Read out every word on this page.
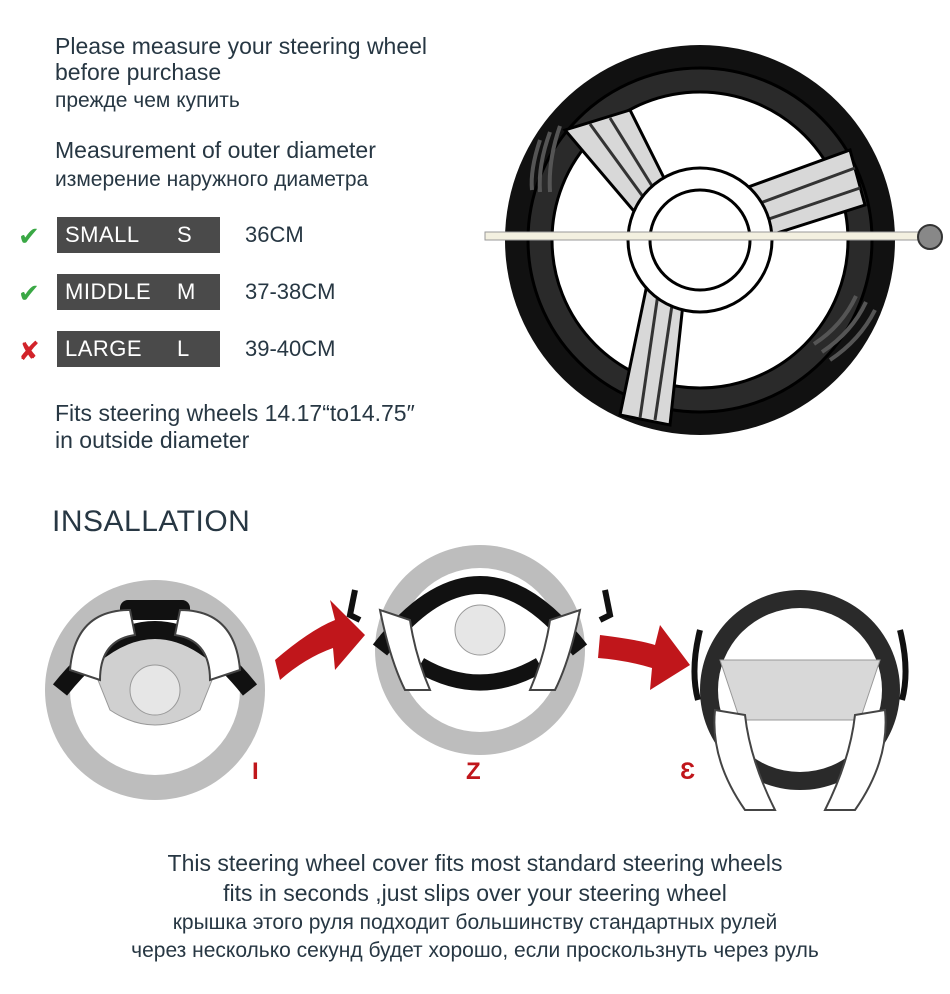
Please measure your steering wheel
before purchase
прежде чем купить
Measurement of outer diameter
измерение наружного диаметра
✔	SMALL S 36CM
✔	MIDDLE M 37-38CM
✘	LARGE L	39-40CM
Fits steering wheels 14.17“to14.75″
in outside diameter
INSALLATION
I	Z	Ɛ
This steering wheel cover fits most standard steering wheels
fits in seconds ,just slips over your steering wheel
крышка этого руля подходит большинству стандартных рулей
через несколько секунд будет хорошо, если проскользнуть через руль
